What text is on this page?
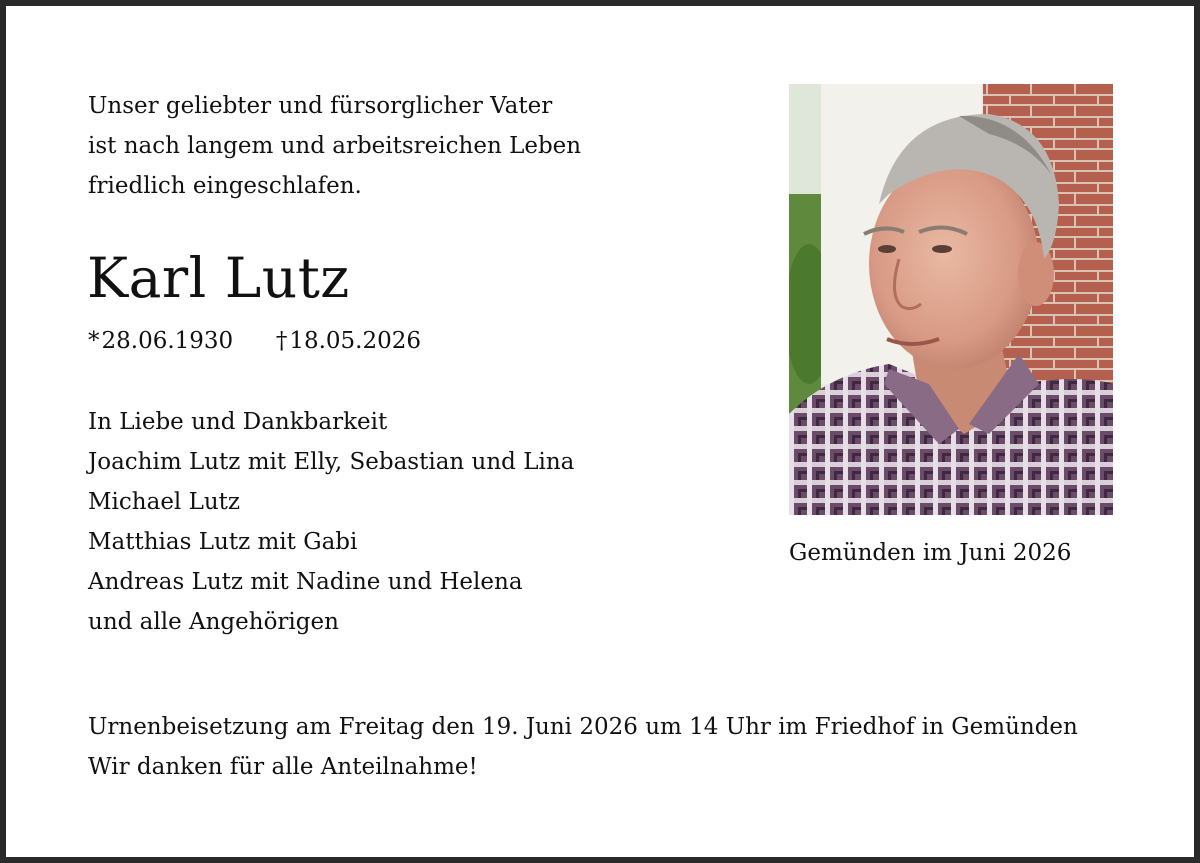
Unser geliebter und fürsorglicher Vater
ist nach langem und arbeitsreichen Leben
friedlich eingeschlafen.
Karl Lutz
*28.06.1930 †18.05.2026
In Liebe und Dankbarkeit
Joachim Lutz mit Elly, Sebastian und Lina
Michael Lutz
Matthias Lutz mit Gabi
Andreas Lutz mit Nadine und Helena
und alle Angehörigen
Gemünden im Juni 2026
Urnenbeisetzung am Freitag den 19. Juni 2026 um 14 Uhr im Friedhof in Gemünden
Wir danken für alle Anteilnahme!
